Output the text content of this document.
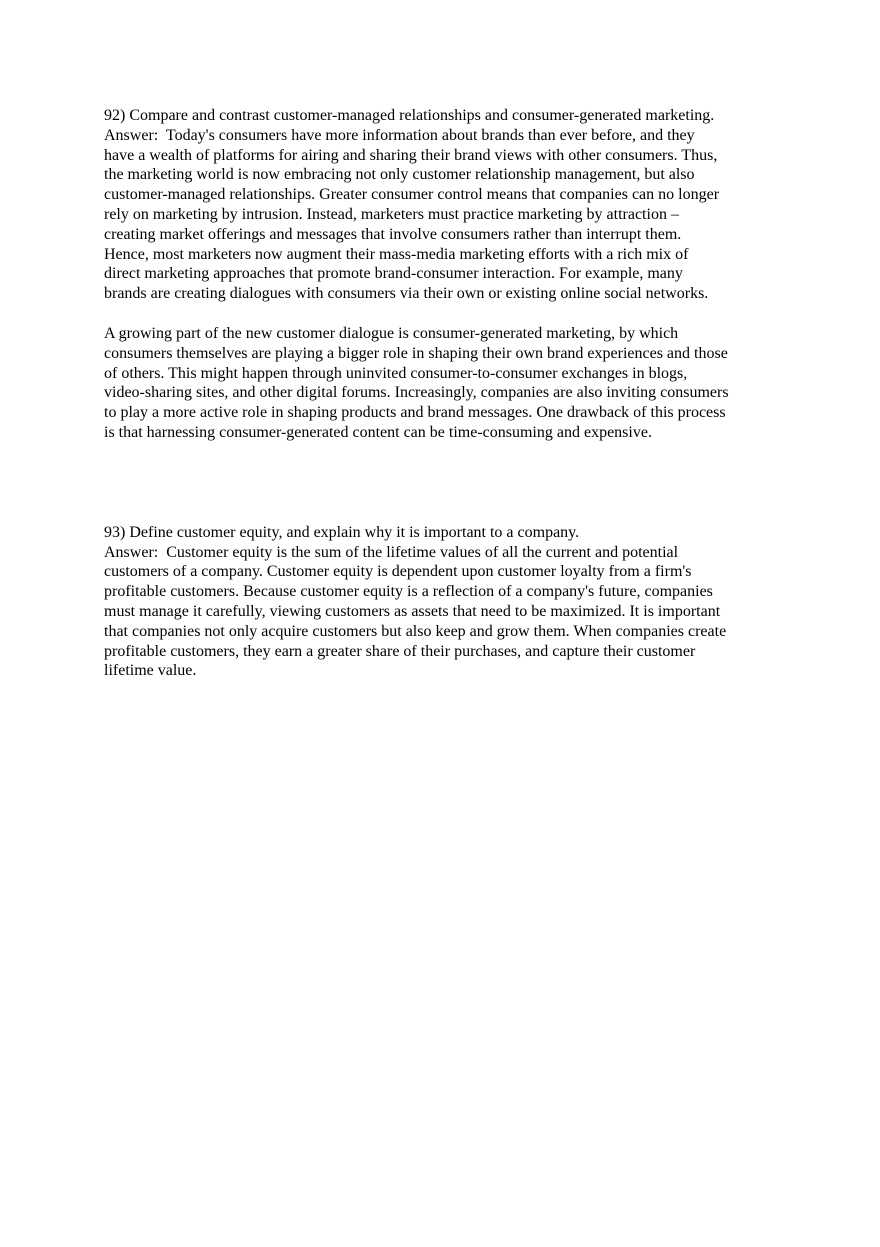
92) Compare and contrast customer-managed relationships and consumer-generated marketing.
Answer:  Today's consumers have more information about brands than ever before, and they
have a wealth of platforms for airing and sharing their brand views with other consumers. Thus,
the marketing world is now embracing not only customer relationship management, but also
customer-managed relationships. Greater consumer control means that companies can no longer
rely on marketing by intrusion. Instead, marketers must practice marketing by attraction –
creating market offerings and messages that involve consumers rather than interrupt them.
Hence, most marketers now augment their mass-media marketing efforts with a rich mix of
direct marketing approaches that promote brand-consumer interaction. For example, many
brands are creating dialogues with consumers via their own or existing online social networks.
A growing part of the new customer dialogue is consumer-generated marketing, by which
consumers themselves are playing a bigger role in shaping their own brand experiences and those
of others. This might happen through uninvited consumer-to-consumer exchanges in blogs,
video-sharing sites, and other digital forums. Increasingly, companies are also inviting consumers
to play a more active role in shaping products and brand messages. One drawback of this process
is that harnessing consumer-generated content can be time-consuming and expensive.
93) Define customer equity, and explain why it is important to a company.
Answer:  Customer equity is the sum of the lifetime values of all the current and potential
customers of a company. Customer equity is dependent upon customer loyalty from a firm's
profitable customers. Because customer equity is a reflection of a company's future, companies
must manage it carefully, viewing customers as assets that need to be maximized. It is important
that companies not only acquire customers but also keep and grow them. When companies create
profitable customers, they earn a greater share of their purchases, and capture their customer
lifetime value.
